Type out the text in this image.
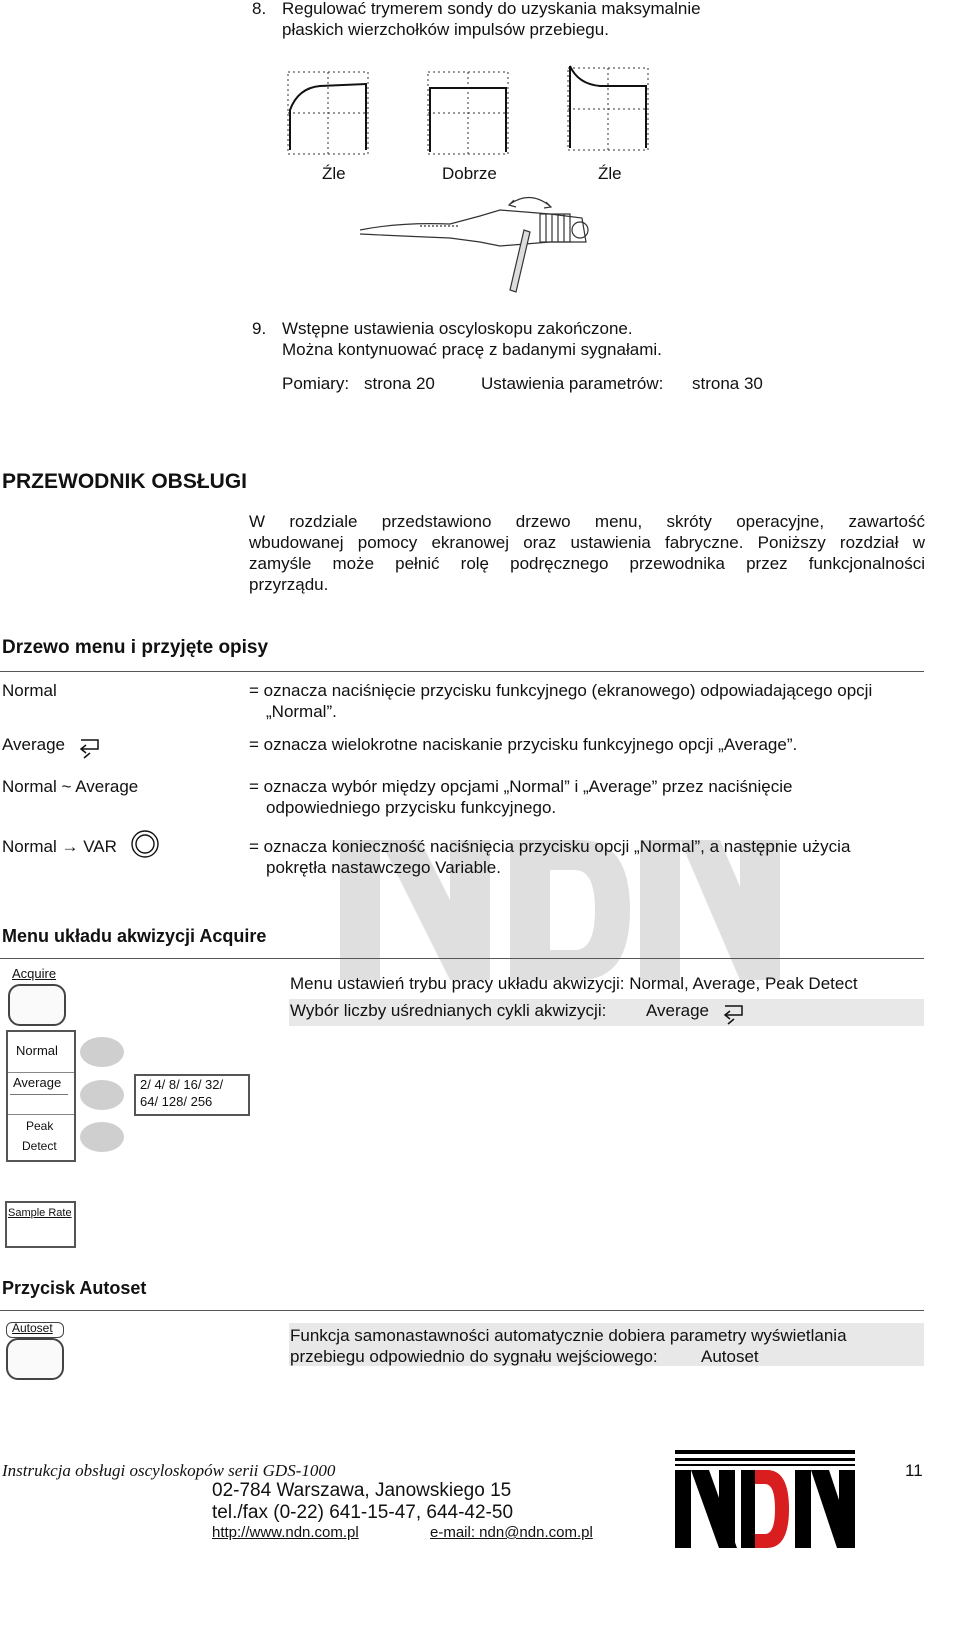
8. Regulować trymerem sondy do uzyskania maksymalnie
płaskich wierzchołków impulsów przebiegu.
Źle	Dobrze	Źle
9. Wstępne ustawienia oscyloskopu zakończone.
Można kontynuować pracę z badanymi sygnałami.
Pomiary: strona 20	Ustawienia parametrów: strona 30
PRZEWODNIK OBSŁUGI
W rozdziale przedstawiono drzewo menu, skróty operacyjne, zawartość
wbudowanej pomocy ekranowej oraz ustawienia fabryczne. Poniższy rozdział w
zamyśle może pełnić rolę podręcznego przewodnika przez funkcjonalności
przyrządu.
Drzewo menu i przyjęte opisy
Normal	= oznacza naciśnięcie przycisku funkcyjnego (ekranowego) odpowiadającego opcji
„Normal”.
Average	= oznacza wielokrotne naciskanie przycisku funkcyjnego opcji „Average”.
Normal ~ Average	= oznacza wybór między opcjami „Normal” i „Average” przez naciśnięcie
odpowiedniego przycisku funkcyjnego.
Normal → VAR	= oznacza konieczność naciśnięcia przycisku opcji „Normal”, a następnie użycia
pokrętła nastawczego Variable.
Menu układu akwizycji Acquire
Acquire
Menu ustawień trybu pracy układu akwizycji: Normal, Average, Peak Detect
Wybór liczby uśrednianych cykli akwizycji: Average
Normal
Average
Peak
Detect
2/ 4/ 8/ 16/ 32/
64/ 128/ 256
Sample Rate
Przycisk Autoset
Autoset	Funkcja samonastawności automatycznie dobiera parametry wyświetlania
przebiegu odpowiednio do sygnału wejściowego:	Autoset
Instrukcja obsługi oscyloskopów serii GDS-1000
02-784 Warszawa, Janowskiego 15
tel./fax (0-22) 641-15-47, 644-42-50
http://www.ndn.com.pl	e-mail: ndn@ndn.com.pl
11
